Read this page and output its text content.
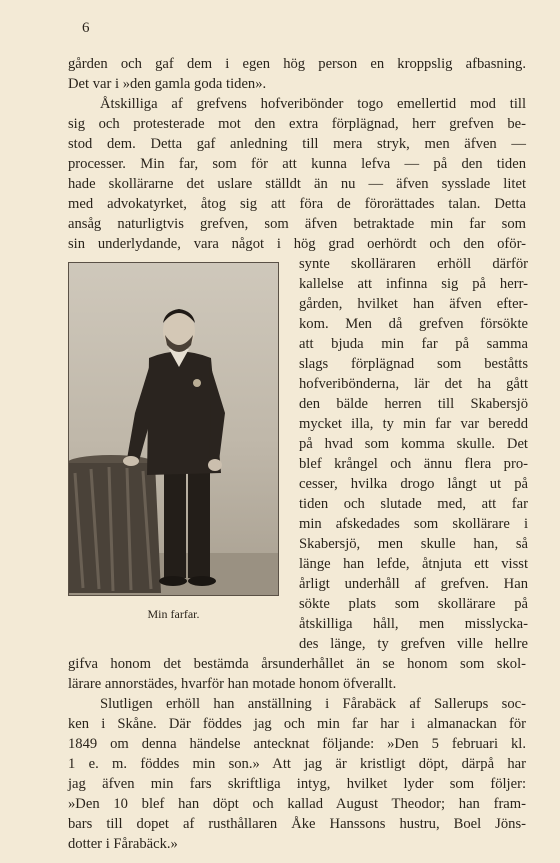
6
gården och gaf dem i egen hög person en kroppslig afbasning.
Det var i »den gamla goda tiden».
Åtskilliga af grefvens hofveribönder togo emellertid mod till
sig och protesterade mot den extra förplägnad, herr grefven be-
stod dem. Detta gaf anledning till mera stryk, men äfven —
processer. Min far, som för att kunna lefva — på den tiden
hade skollärarne det uslare ställdt än nu — äfven sysslade litet
med advokatyrket, åtog sig att föra de förorättades talan. Detta
ansåg naturligtvis grefven, som äfven betraktade min far som
sin underlydande, vara något i hög grad oerhördt och den oför-
Min farfar.
synte skolläraren erhöll därför
kallelse att infinna sig på herr-
gården, hvilket han äfven efter-
kom. Men då grefven försökte
att bjuda min far på samma
slags förplägnad som beståtts
hofveribönderna, lär det ha gått
den bälde herren till Skabersjö
mycket illa, ty min far var beredd
på hvad som komma skulle. Det
blef krångel och ännu flera pro-
cesser, hvilka drogo långt ut på
tiden och slutade med, att far
min afskedades som skollärare i
Skabersjö, men skulle han, så
länge han lefde, åtnjuta ett visst
årligt underhåll af grefven. Han
sökte plats som skollärare på
åtskilliga håll, men misslycka-
des länge, ty grefven ville hellre
gifva honom det bestämda årsunderhållet än se honom som skol-
lärare annorstädes, hvarför han motade honom öfverallt.
Slutligen erhöll han anställning i Fårabäck af Sallerups soc-
ken i Skåne. Där föddes jag och min far har i almanackan för
1849 om denna händelse antecknat följande: »Den 5 februari kl.
1 e. m. föddes min son.» Att jag är kristligt döpt, därpå har
jag äfven min fars skriftliga intyg, hvilket lyder som följer:
»Den 10 blef han döpt och kallad August Theodor; han fram-
bars till dopet af rusthållaren Åke Hanssons hustru, Boel Jöns-
dotter i Fårabäck.»
